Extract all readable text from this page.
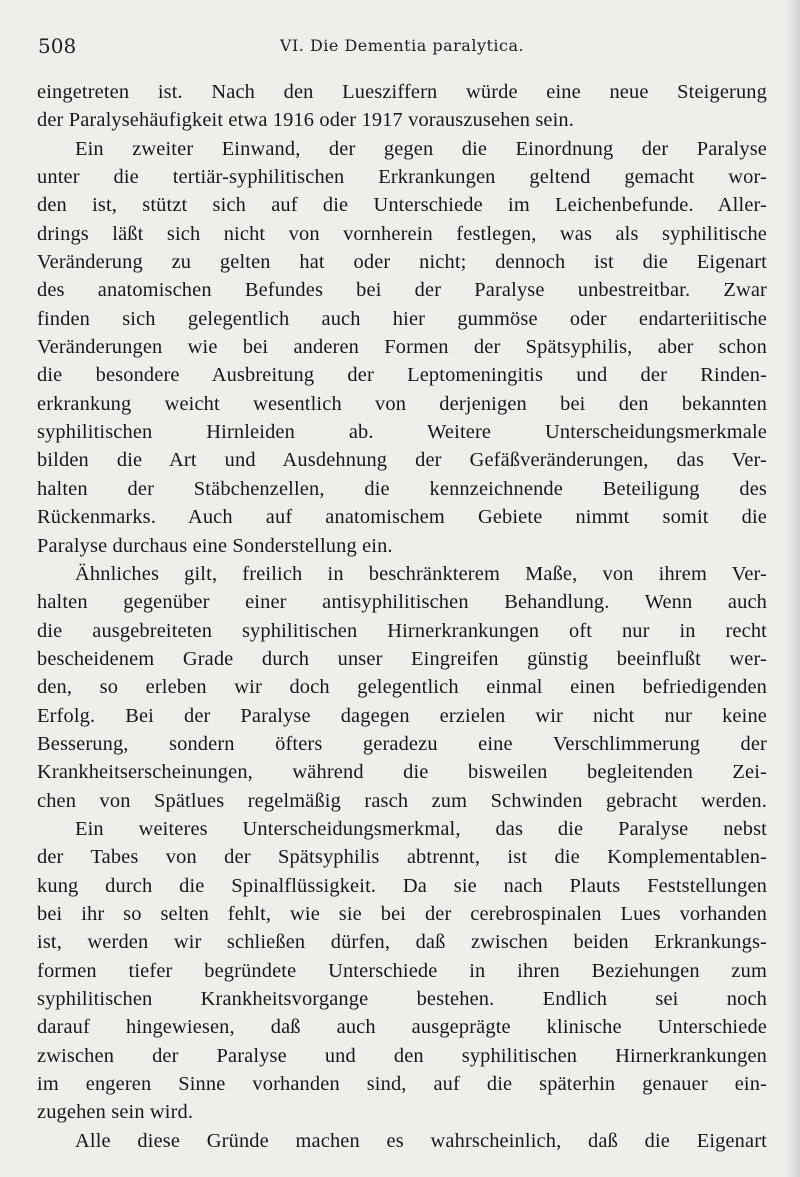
508	VI. Die Dementia paralytica.
eingetreten ist. Nach den Luesziffern würde eine neue Steigerung
der Paralysehäufigkeit etwa 1916 oder 1917 vorauszusehen sein.
Ein zweiter Einwand, der gegen die Einordnung der Paralyse
unter die tertiär-syphilitischen Erkrankungen geltend gemacht wor-
den ist, stützt sich auf die Unterschiede im Leichenbefunde. Aller-
drings läßt sich nicht von vornherein festlegen, was als syphilitische
Veränderung zu gelten hat oder nicht; dennoch ist die Eigenart
des anatomischen Befundes bei der Paralyse unbestreitbar. Zwar
finden sich gelegentlich auch hier gummöse oder endarteriitische
Veränderungen wie bei anderen Formen der Spätsyphilis, aber schon
die besondere Ausbreitung der Leptomeningitis und der Rinden-
erkrankung weicht wesentlich von derjenigen bei den bekannten
syphilitischen Hirnleiden ab. Weitere Unterscheidungsmerkmale
bilden die Art und Ausdehnung der Gefäßveränderungen, das Ver-
halten der Stäbchenzellen, die kennzeichnende Beteiligung des
Rückenmarks. Auch auf anatomischem Gebiete nimmt somit die
Paralyse durchaus eine Sonderstellung ein.
Ähnliches gilt, freilich in beschränkterem Maße, von ihrem Ver-
halten gegenüber einer antisyphilitischen Behandlung. Wenn auch
die ausgebreiteten syphilitischen Hirnerkrankungen oft nur in recht
bescheidenem Grade durch unser Eingreifen günstig beeinflußt wer-
den, so erleben wir doch gelegentlich einmal einen befriedigenden
Erfolg. Bei der Paralyse dagegen erzielen wir nicht nur keine
Besserung, sondern öfters geradezu eine Verschlimmerung der
Krankheitserscheinungen, während die bisweilen begleitenden Zei-
chen von Spätlues regelmäßig rasch zum Schwinden gebracht werden.
Ein weiteres Unterscheidungsmerkmal, das die Paralyse nebst
der Tabes von der Spätsyphilis abtrennt, ist die Komplementablen-
kung durch die Spinalflüssigkeit. Da sie nach Plauts Feststellungen
bei ihr so selten fehlt, wie sie bei der cerebrospinalen Lues vorhanden
ist, werden wir schließen dürfen, daß zwischen beiden Erkrankungs-
formen tiefer begründete Unterschiede in ihren Beziehungen zum
syphilitischen Krankheitsvorgange bestehen. Endlich sei noch
darauf hingewiesen, daß auch ausgeprägte klinische Unterschiede
zwischen der Paralyse und den syphilitischen Hirnerkrankungen
im engeren Sinne vorhanden sind, auf die späterhin genauer ein-
zugehen sein wird.
Alle diese Gründe machen es wahrscheinlich, daß die Eigenart
